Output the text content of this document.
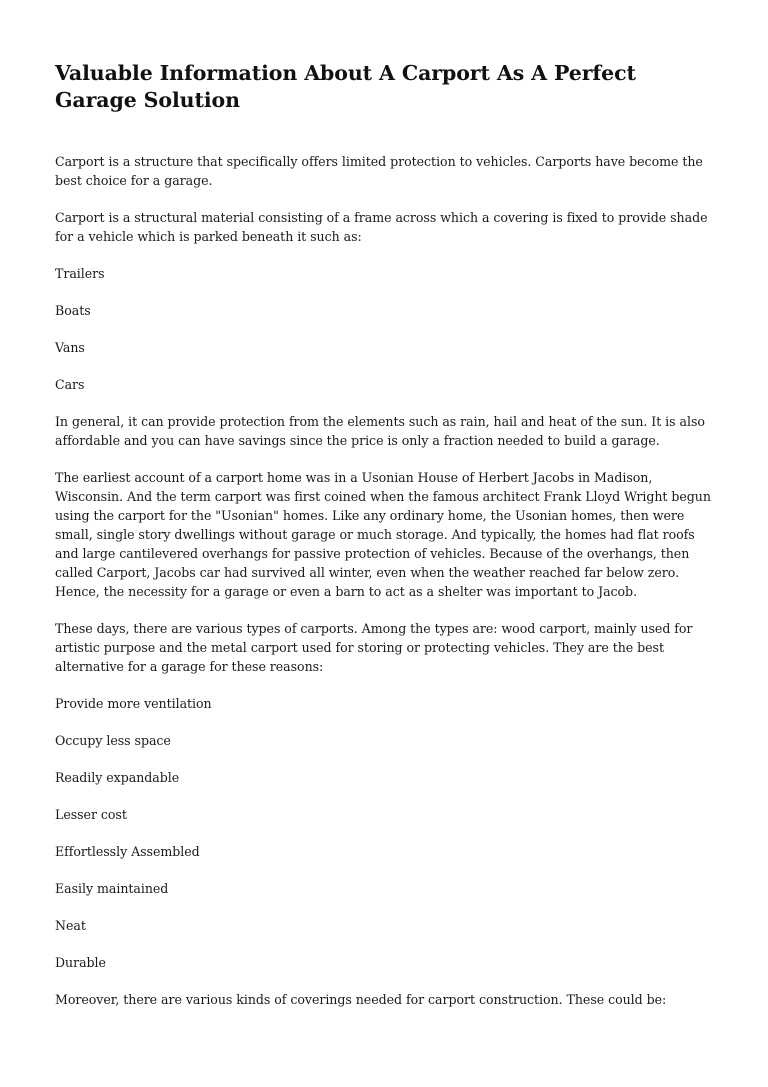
Valuable Information About A Carport As A Perfect Garage Solution

Carport is a structure that specifically offers limited protection to vehicles. Carports have become the best choice for a garage.

Carport is a structural material consisting of a frame across which a covering is fixed to provide shade for a vehicle which is parked beneath it such as:

Trailers

Boats

Vans

Cars

In general, it can provide protection from the elements such as rain, hail and heat of the sun. It is also affordable and you can have savings since the price is only a fraction needed to build a garage.

The earliest account of a carport home was in a Usonian House of Herbert Jacobs in Madison, Wisconsin. And the term carport was first coined when the famous architect Frank Lloyd Wright begun using the carport for the "Usonian" homes. Like any ordinary home, the Usonian homes, then were small, single story dwellings without garage or much storage. And typically, the homes had flat roofs and large cantilevered overhangs for passive protection of vehicles. Because of the overhangs, then called Carport, Jacobs car had survived all winter, even when the weather reached far below zero. Hence, the necessity for a garage or even a barn to act as a shelter was important to Jacob.

These days, there are various types of carports. Among the types are: wood carport, mainly used for artistic purpose and the metal carport used for storing or protecting vehicles. They are the best alternative for a garage for these reasons:

Provide more ventilation

Occupy less space

Readily expandable

Lesser cost

Effortlessly Assembled

Easily maintained

Neat

Durable

Moreover, there are various kinds of coverings needed for carport construction. These could be:
